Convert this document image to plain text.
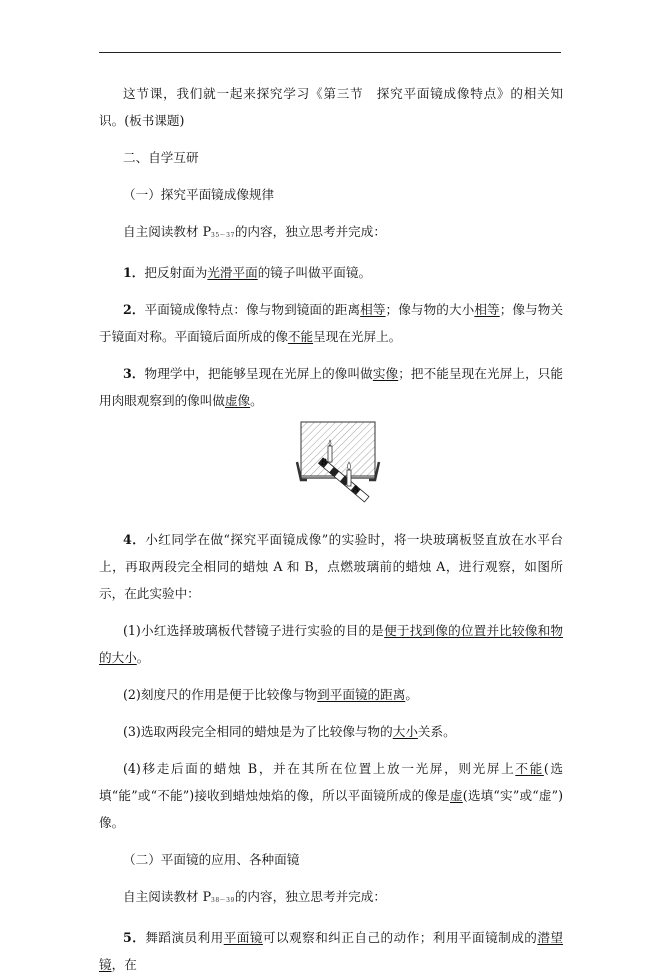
这节课，我们就一起来探究学习《第三节　探究平面镜成像特点》的相关知识。(板书课题)

二、自学互研

（一）探究平面镜成像规律

自主阅读教材 P35～37的内容，独立思考并完成：

1．把反射面为光滑平面的镜子叫做平面镜。

2．平面镜成像特点：像与物到镜面的距离相等；像与物的大小相等；像与物关于镜面对称。平面镜后面所成的像不能呈现在光屏上。

3．物理学中，把能够呈现在光屏上的像叫做实像；把不能呈现在光屏上，只能用肉眼观察到的像叫做虚像。

B
A

4．小红同学在做“探究平面镜成像”的实验时，将一块玻璃板竖直放在水平台上，再取两段完全相同的蜡烛 A 和 B，点燃玻璃前的蜡烛 A，进行观察，如图所示，在此实验中：

(1)小红选择玻璃板代替镜子进行实验的目的是便于找到像的位置并比较像和物的大小。

(2)刻度尺的作用是便于比较像与物到平面镜的距离。

(3)选取两段完全相同的蜡烛是为了比较像与物的大小关系。

(4)移走后面的蜡烛 B，并在其所在位置上放一光屏，则光屏上不能(选填“能”或“不能”)接收到蜡烛烛焰的像，所以平面镜所成的像是虚(选填“实”或“虚”)像。

（二）平面镜的应用、各种面镜

自主阅读教材 P38～39的内容，独立思考并完成：

5．舞蹈演员利用平面镜可以观察和纠正自己的动作；利用平面镜制成的潜望镜，在
